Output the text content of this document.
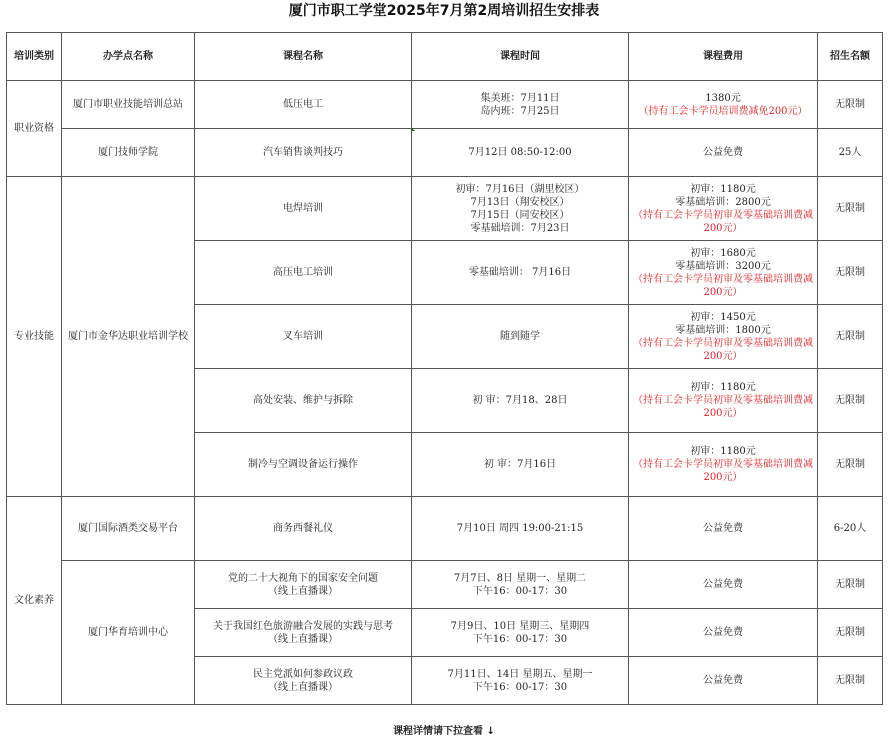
厦门市职工学堂2025年7月第2周培训招生安排表
培训类别	办学点名称	课程名称	课程时间	课程费用	招生名额
职业资格	厦门市职业技能培训总站	低压电工	集美班：7月11日
岛内班：7月25日	1380元
（持有工会卡学员培训费减免200元）	无限制
	厦门技师学院	汽车销售谈判技巧	7月12日 08:50-12:00	公益免费	25人
专业技能	厦门市金华达职业培训学校	电焊培训	初审：7月16日（湖里校区）
7月13日（翔安校区）
7月15日（同安校区）
零基础培训：7月23日	初审：1180元
零基础培训：2800元
（持有工会卡学员初审及零基础培训费减
200元）	无限制

		高压电工培训	零基础培训： 7月16日	初审：1680元
零基础培训：3200元
（持有工会卡学员初审及零基础培训费减
200元）	无限制

		叉车培训	随到随学	初审：1450元
零基础培训：1800元
（持有工会卡学员初审及零基础培训费减
200元）	无限制

		高处安装、维护与拆除	初 审：7月18、28日	初审：1180元
（持有工会卡学员初审及零基础培训费减
200元）	无限制

		制冷与空调设备运行操作	初 审：7月16日	初审：1180元
（持有工会卡学员初审及零基础培训费减
200元）	无限制
文化素养	厦门国际酒类交易平台	商务西餐礼仪	7月10日 周四 19:00-21:15	公益免费	6-20人
	厦门华育培训中心	党的二十大视角下的国家安全问题
（线上直播课）	7月7日、8日 星期一、星期二
下午16：00-17：30	公益免费	无限制

		关于我国红色旅游融合发展的实践与思考
（线上直播课）	7月9日、10日 星期三、星期四
下午16：00-17：30	公益免费	无限制

		民主党派如何参政议政
（线上直播课）	7月11日、14日 星期五、星期一
下午16：00-17：30	公益免费	无限制
课程详情请下拉查看 ↓
